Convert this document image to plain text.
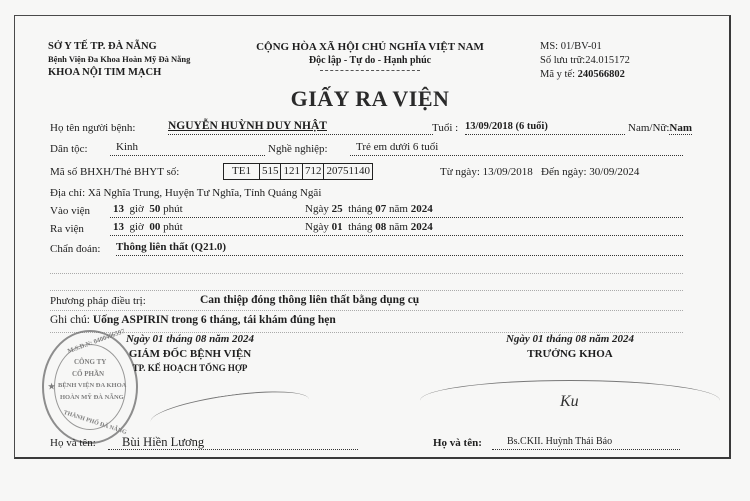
SỞ Y TẾ TP. ĐÀ NẴNG
Bệnh Viện Đa Khoa Hoàn Mỹ Đà Nẵng
KHOA NỘI TIM MẠCH
CỘNG HÒA XÃ HỘI CHỦ NGHĨA VIỆT NAM
Độc lập - Tự do - Hạnh phúc
MS: 01/BV-01
Số lưu trữ:24.015172
Mã y tế: 240566802
GIẤY RA VIỆN
Họ tên người bệnh:	NGUYỄN HUỲNH DUY NHẬT	Tuổi : 13/09/2018 (6 tuổi)	Nam/Nữ:Nam
Dân tộc:	Kinh	Nghề nghiệp:	Trẻ em dưới 6 tuổi
Mã số BHXH/Thẻ BHYT số:	TE1	515 121 712 20751140	Từ ngày: 13/09/2018 Đến ngày: 30/09/2024
Địa chỉ: Xã Nghĩa Trung, Huyện Tư Nghĩa, Tỉnh Quảng Ngãi
Vào viện 13 giờ 50 phút	Ngày 25 tháng 07 năm 2024
Ra viện	13 giờ 00 phút	Ngày 01 tháng 08 năm 2024
Chẩn đoán: Thông liên thất (Q21.0)
Phương pháp điều trị:	Can thiệp đóng thông liên thất bằng dụng cụ
Ghi chú: Uống ASPIRIN trong 6 tháng, tái khám đúng hẹn
M.S.D.N: 0400496597
CÔNG TY
CỔ PHẦN
BỆNH VIỆN ĐA KHOA
HOÀN MỸ ĐÀ NẴNG
THÀNH PHỐ ĐÀ NẴNG
★
Ngày 01 tháng 08 năm 2024
GIÁM ĐỐC BỆNH VIỆN
TP. KẾ HOẠCH TỔNG HỢP
Họ và tên:	Bùi Hiền Lương
Ngày 01 tháng 08 năm 2024
TRƯỞNG KHOA
Ku
Họ và tên:	Bs.CKII. Huỳnh Thái Bảo
